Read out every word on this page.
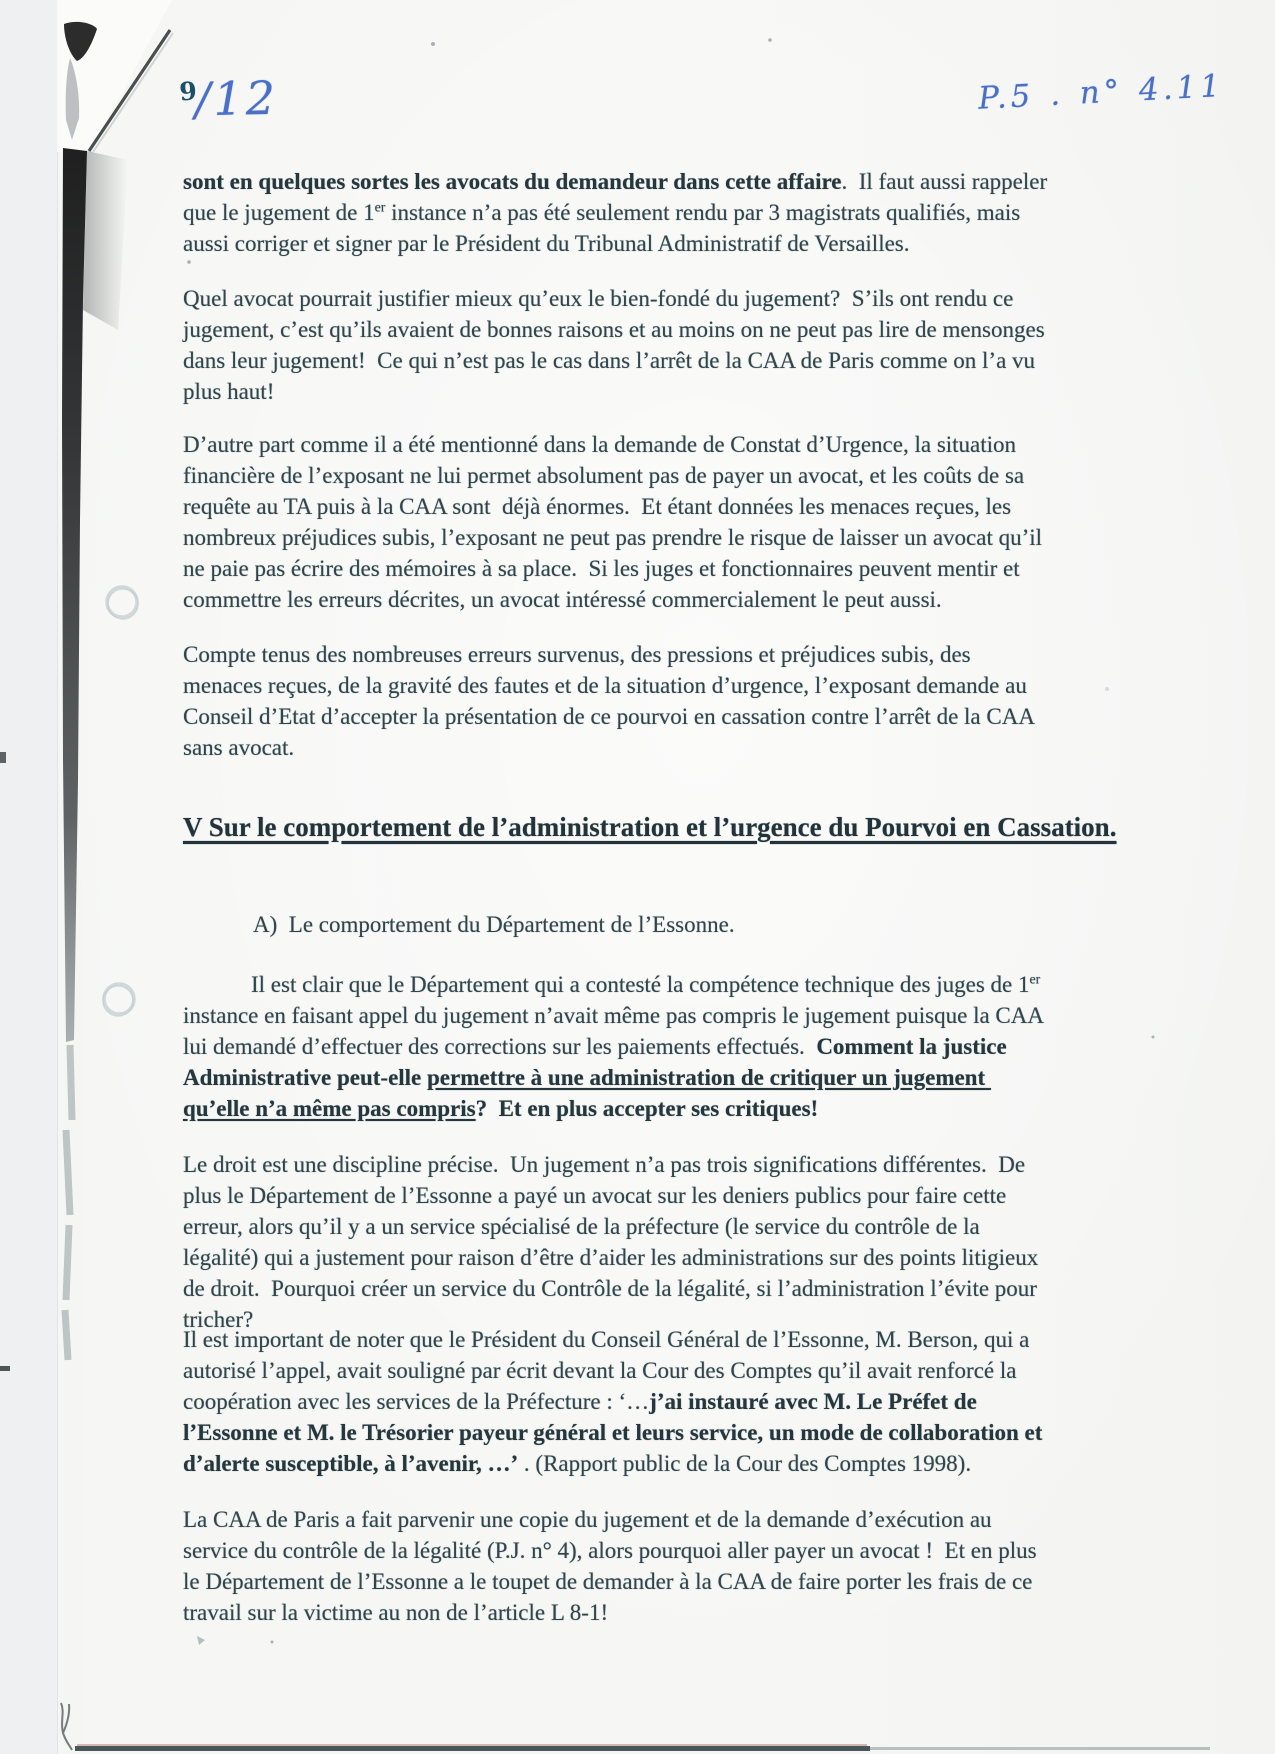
9/12	P.5 . n° 4.11
sont en quelques sortes les avocats du demandeur dans cette affaire.  Il faut aussi rappeler que le jugement de 1er instance n’a pas été seulement rendu par 3 magistrats qualifiés, mais aussi corriger et signer par le Président du Tribunal Administratif de Versailles.
Quel avocat pourrait justifier mieux qu’eux le bien-fondé du jugement?  S’ils ont rendu ce jugement, c’est qu’ils avaient de bonnes raisons et au moins on ne peut pas lire de mensonges dans leur jugement!  Ce qui n’est pas le cas dans l’arrêt de la CAA de Paris comme on l’a vu plus haut!
D’autre part comme il a été mentionné dans la demande de Constat d’Urgence, la situation financière de l’exposant ne lui permet absolument pas de payer un avocat, et les coûts de sa requête au TA puis à la CAA sont  déjà énormes.  Et étant données les menaces reçues, les nombreux préjudices subis, l’exposant ne peut pas prendre le risque de laisser un avocat qu’il ne paie pas écrire des mémoires à sa place.  Si les juges et fonctionnaires peuvent mentir et commettre les erreurs décrites, un avocat intéressé commercialement le peut aussi.
Compte tenus des nombreuses erreurs survenus, des pressions et préjudices subis, des menaces reçues, de la gravité des fautes et de la situation d’urgence, l’exposant demande au Conseil d’Etat d’accepter la présentation de ce pourvoi en cassation contre l’arrêt de la CAA sans avocat.
V Sur le comportement de l’administration et l’urgence du Pourvoi en Cassation.
A)  Le comportement du Département de l’Essonne.
Il est clair que le Département qui a contesté la compétence technique des juges de 1er instance en faisant appel du jugement n’avait même pas compris le jugement puisque la CAA lui demandé d’effectuer des corrections sur les paiements effectués.  Comment la justice Administrative peut-elle permettre à une administration de critiquer un jugement qu’elle n’a même pas compris?  Et en plus accepter ses critiques!
Le droit est une discipline précise.  Un jugement n’a pas trois significations différentes.  De plus le Département de l’Essonne a payé un avocat sur les deniers publics pour faire cette erreur, alors qu’il y a un service spécialisé de la préfecture (le service du contrôle de la légalité) qui a justement pour raison d’être d’aider les administrations sur des points litigieux de droit.  Pourquoi créer un service du Contrôle de la légalité, si l’administration l’évite pour tricher?
Il est important de noter que le Président du Conseil Général de l’Essonne, M. Berson, qui a autorisé l’appel, avait souligné par écrit devant la Cour des Comptes qu’il avait renforcé la coopération avec les services de la Préfecture : ‘…j’ai instauré avec M. Le Préfet de l’Essonne et M. le Trésorier payeur général et leurs service, un mode de collaboration et d’alerte susceptible, à l’avenir, …’ . (Rapport public de la Cour des Comptes 1998).
La CAA de Paris a fait parvenir une copie du jugement et de la demande d’exécution au service du contrôle de la légalité (P.J. n° 4), alors pourquoi aller payer un avocat !  Et en plus le Département de l’Essonne a le toupet de demander à la CAA de faire porter les frais de ce travail sur la victime au non de l’article L 8-1!
